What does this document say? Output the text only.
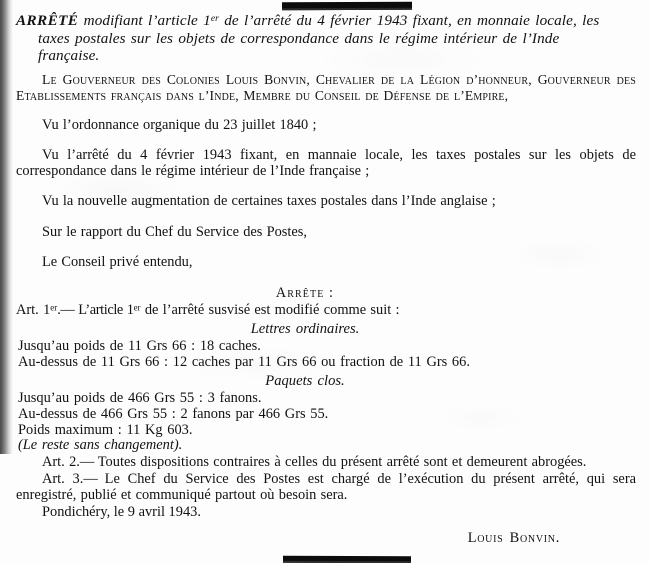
ARRÊTÉ modifiant l’article 1er de l’arrêté du 4 février 1943 fixant, en monnaie locale, les
taxes postales sur les objets de correspondance dans le régime intérieur de l’Inde
française.
Le Gouverneur des Colonies Louis Bonvin, Chevalier de la Légion d’honneur, Gouverneur des Etablissements français dans l’Inde, Membre du Conseil de Défense de l’Empire,

Vu l’ordonnance organique du 23 juillet 1840 ;

Vu l’arrêté du 4 février 1943 fixant, en mannaie locale, les taxes postales sur les objets de correspondance dans le régime intérieur de l’Inde française ;

Vu la nouvelle augmentation de certaines taxes postales dans l’Inde anglaise ;

Sur le rapport du Chef du Service des Postes,

Le Conseil privé entendu,

Arrête :
Art. 1er.— L’article 1er de l’arrêté susvisé est modifié comme suit :
Lettres ordinaires.

Jusqu’au poids de 11 Grs 66 : 18 caches.

Au-dessus de 11 Grs 66 : 12 caches par 11 Grs 66 ou fraction de 11 Grs 66.

Paquets clos.

Jusqu’au poids de 466 Grs 55 : 3 fanons.

Au-dessus de 466 Grs 55 : 2 fanons par 466 Grs 55.

Poids maximum : 11 Kg 603.

(Le reste sans changement).

Art. 2.— Toutes dispositions contraires à celles du présent arrêté sont et demeurent abrogées.
Art. 3.— Le Chef du Service des Postes est chargé de l’exécution du présent arrêté, qui sera enregistré, publié et communiqué partout où besoin sera.
Pondichéry, le 9 avril 1943.
Louis Bonvin.
